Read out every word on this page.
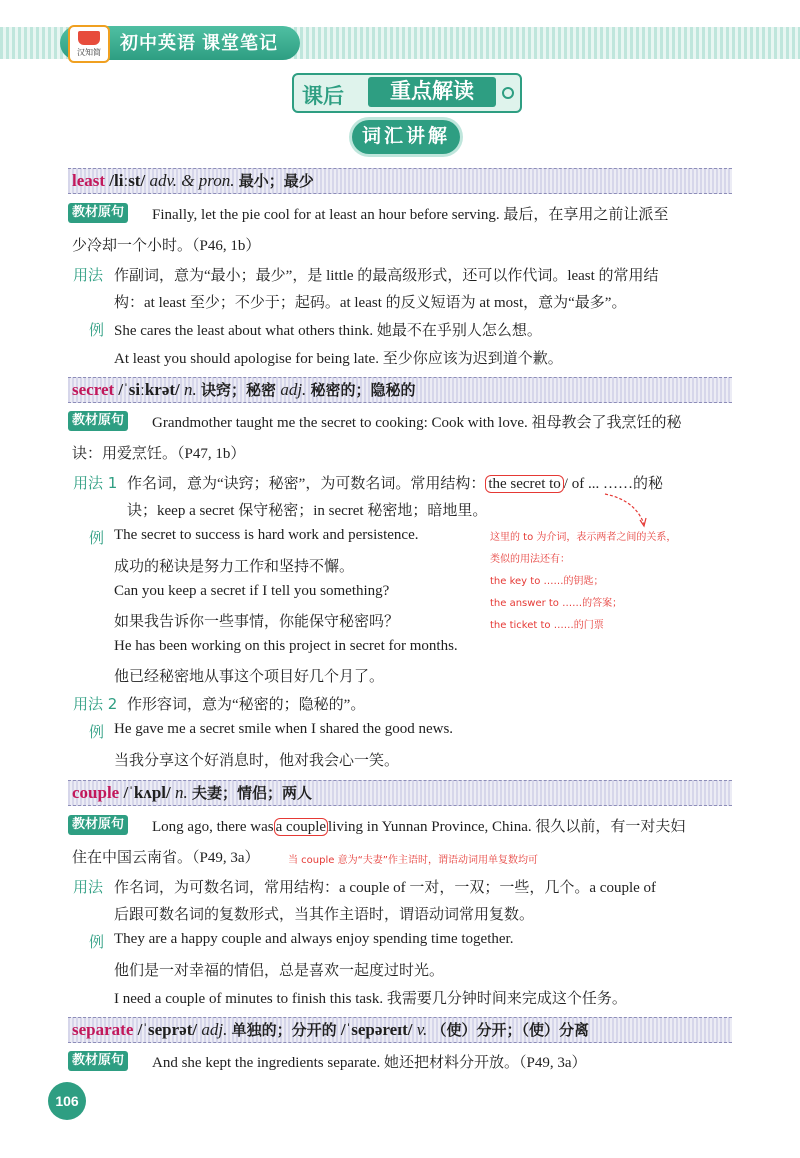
初中英语 课堂笔记
汉知简
课后	重点解读
词汇讲解
least /liːst/ adv. & pron. 最小；最少
教材原句 Finally, let the pie cool for at least an hour before serving. 最后，在享用之前让派至
少冷却一个小时。（P46, 1b）
用法 作副词，意为“最小；最少”，是 little 的最高级形式，还可以作代词。least 的常用结
构：at least 至少；不少于；起码。at least 的反义短语为 at most，意为“最多”。
例 She cares the least about what others think. 她最不在乎别人怎么想。
At least you should apologise for being late. 至少你应该为迟到道个歉。
secret /ˈsiːkrət/ n. 诀窍；秘密 adj. 秘密的；隐秘的
教材原句 Grandmother taught me the secret to cooking: Cook with love. 祖母教会了我烹饪的秘
诀：用爱烹饪。（P47, 1b）
用法 1 作名词，意为“诀窍；秘密”，为可数名词。常用结构： the secret to / of ... ……的秘
诀；keep a secret 保守秘密；in secret 秘密地；暗地里。
例 The secret to success is hard work and persistence.
成功的秘诀是努力工作和坚持不懈。
Can you keep a secret if I tell you something?
如果我告诉你一些事情，你能保守秘密吗？
He has been working on this project in secret for months.
他已经秘密地从事这个项目好几个月了。
这里的 to 为介词，表示两者之间的关系，
类似的用法还有：
the key to ……的钥匙；
the answer to ……的答案；
the ticket to ……的门票
用法 2 作形容词，意为“秘密的；隐秘的”。
例 He gave me a secret smile when I shared the good news.
当我分享这个好消息时，他对我会心一笑。
couple /ˈkʌpl/ n. 夫妻；情侣；两人
教材原句 Long ago, there was a couple living in Yunnan Province, China. 很久以前，有一对夫妇
住在中国云南省。（P49, 3a）	当 couple 意为“夫妻”作主语时，谓语动词用单复数均可
用法 作名词，为可数名词，常用结构：a couple of 一对，一双；一些，几个。a couple of
后跟可数名词的复数形式，当其作主语时，谓语动词常用复数。
例 They are a happy couple and always enjoy spending time together.
他们是一对幸福的情侣，总是喜欢一起度过时光。
I need a couple of minutes to finish this task. 我需要几分钟时间来完成这个任务。
separate /ˈseprət/ adj. 单独的；分开的 /ˈsepəreɪt/ v. （使）分开；（使）分离
教材原句 And she kept the ingredients separate. 她还把材料分开放。（P49, 3a）
106
